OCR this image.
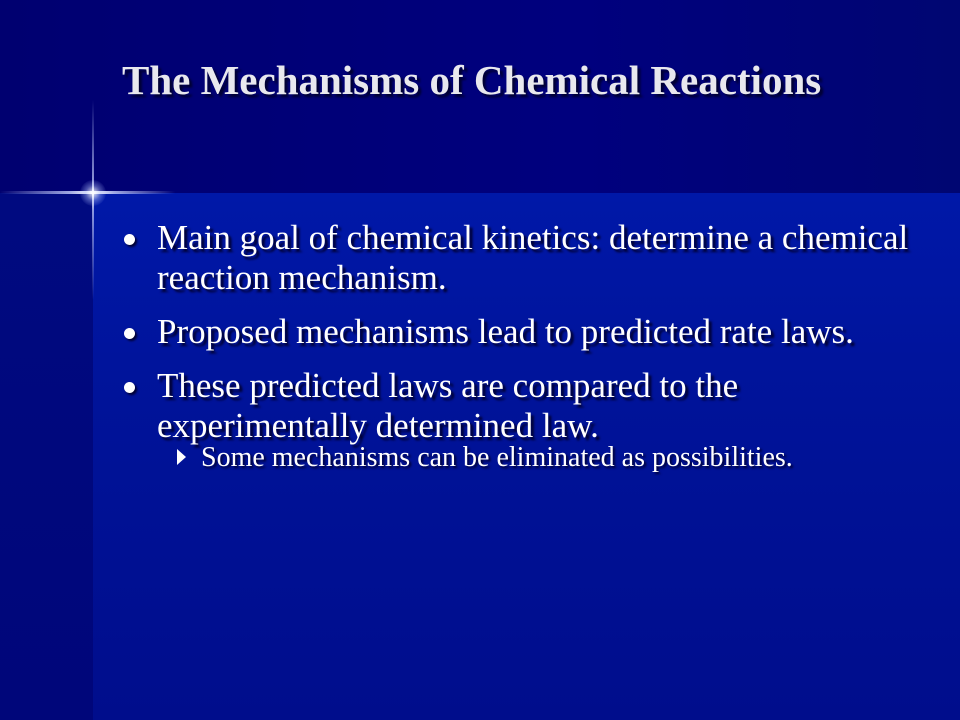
The Mechanisms of Chemical Reactions
Main goal of chemical kinetics: determine a chemical reaction mechanism.
Proposed mechanisms lead to predicted rate laws.
These predicted laws are compared to the experimentally determined law.
Some mechanisms can be eliminated as possibilities.
